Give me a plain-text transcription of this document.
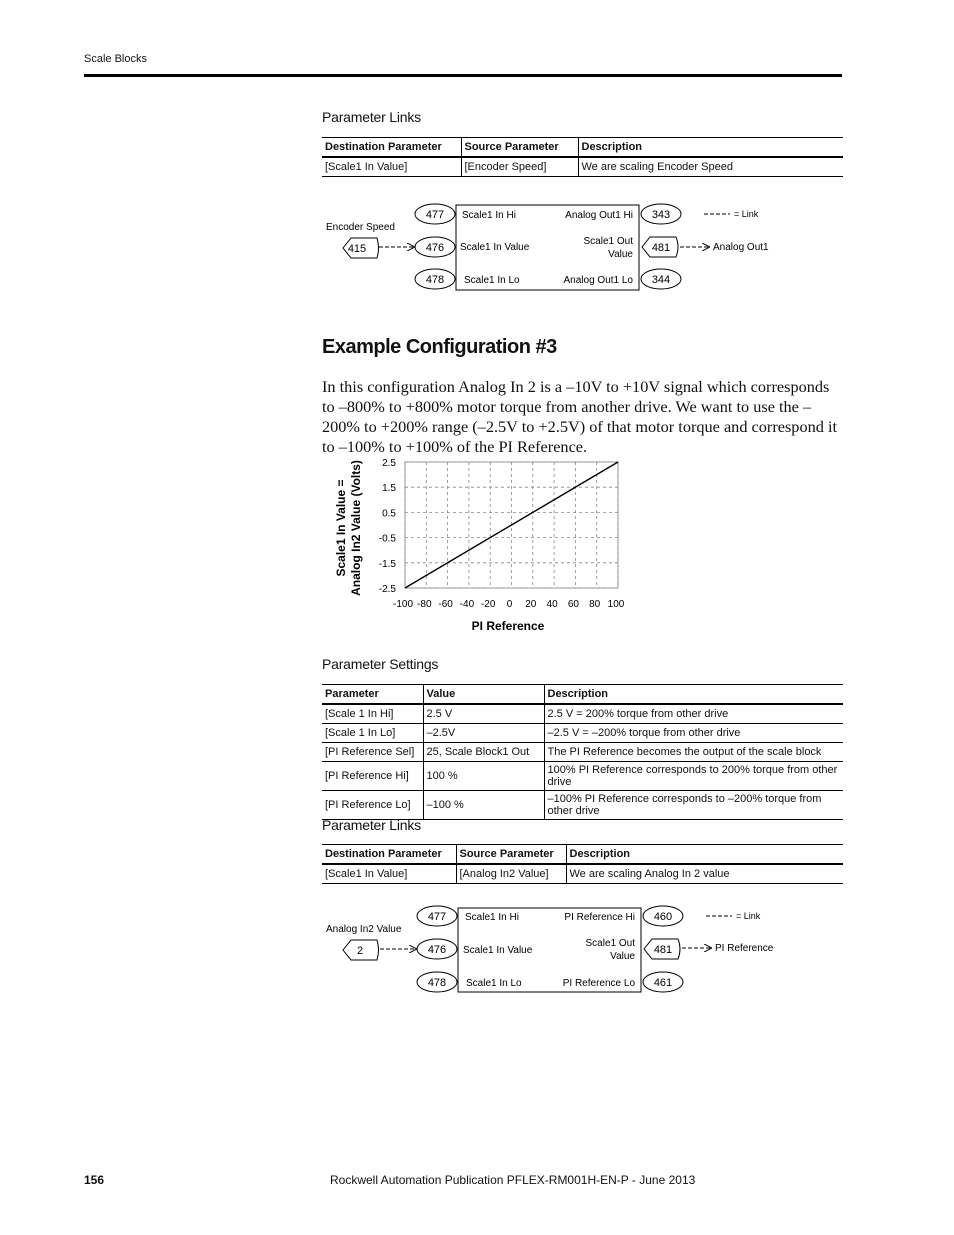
Scale Blocks
Parameter Links
Destination Parameter	Source Parameter	Description
[Scale1 In Value]	[Encoder Speed]	We are scaling Encoder Speed
Encoder Speed
415
477
476
478
Scale1 In Hi
Scale1 In Value
Scale1 In Lo
Analog Out1 Hi
Scale1 Out
Value
Analog Out1 Lo
343
481
344
Analog Out1
= Link
Example Configuration #3
In this configuration Analog In 2 is a –10V to +10V signal which corresponds to –800% to +800% motor torque from another drive. We want to use the –200% to +200% range (–2.5V to +2.5V) of that motor torque and correspond it to –100% to +100% of the PI Reference.
2.5
1.5
0.5
-0.5
-1.5
-2.5
-100 -80 -60 -40 -20 0 20 40 60 80 100
PI Reference
Scale1 In Value = Analog In2 Value (Volts)
Parameter Settings
Parameter	Value	Description
[Scale 1 In Hi]	2.5 V	2.5 V = 200% torque from other drive
[Scale 1 In Lo]	–2.5V	–2.5 V = –200% torque from other drive
[PI Reference Sel]	25, Scale Block1 Out	The PI Reference becomes the output of the scale block
[PI Reference Hi]	100 %	100% PI Reference corresponds to 200% torque from other drive
[PI Reference Lo]	–100 %	–100% PI Reference corresponds to –200% torque from other drive
Parameter Links
Destination Parameter	Source Parameter	Description
[Scale1 In Value]	[Analog In2 Value]	We are scaling Analog In 2 value
Analog In2 Value
2
477
476
478
Scale1 In Hi
Scale1 In Value
Scale1 In Lo
PI Reference Hi
Scale1 Out
Value
PI Reference Lo
460
481
461
PI Reference
= Link
156	Rockwell Automation Publication PFLEX-RM001H-EN-P - June 2013
